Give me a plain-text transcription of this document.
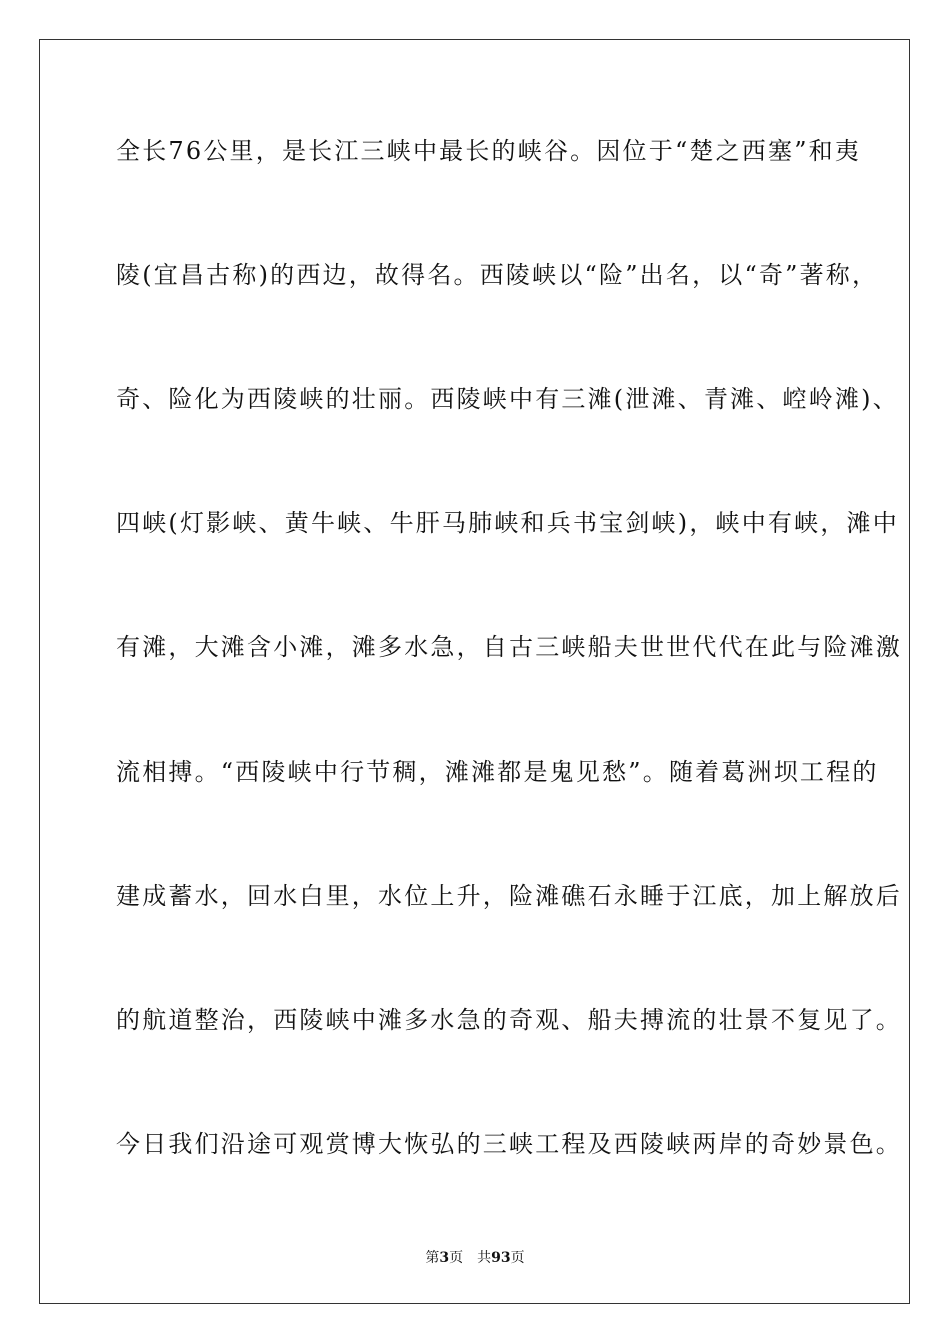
全长76公里，是长江三峡中最长的峡谷。因位于“楚之西塞”和夷
陵(宜昌古称)的西边，故得名。西陵峡以“险”出名，以“奇”著称，
奇、险化为西陵峡的壮丽。西陵峡中有三滩(泄滩、青滩、崆岭滩)、
四峡(灯影峡、黄牛峡、牛肝马肺峡和兵书宝剑峡)，峡中有峡，滩中
有滩，大滩含小滩，滩多水急，自古三峡船夫世世代代在此与险滩激
流相搏。“西陵峡中行节稠，滩滩都是鬼见愁”。随着葛洲坝工程的
建成蓄水，回水白里，水位上升，险滩礁石永睡于江底，加上解放后
的航道整治，西陵峡中滩多水急的奇观、船夫搏流的壮景不复见了。
今日我们沿途可观赏博大恢弘的三峡工程及西陵峡两岸的奇妙景色。
第3页 共93页
